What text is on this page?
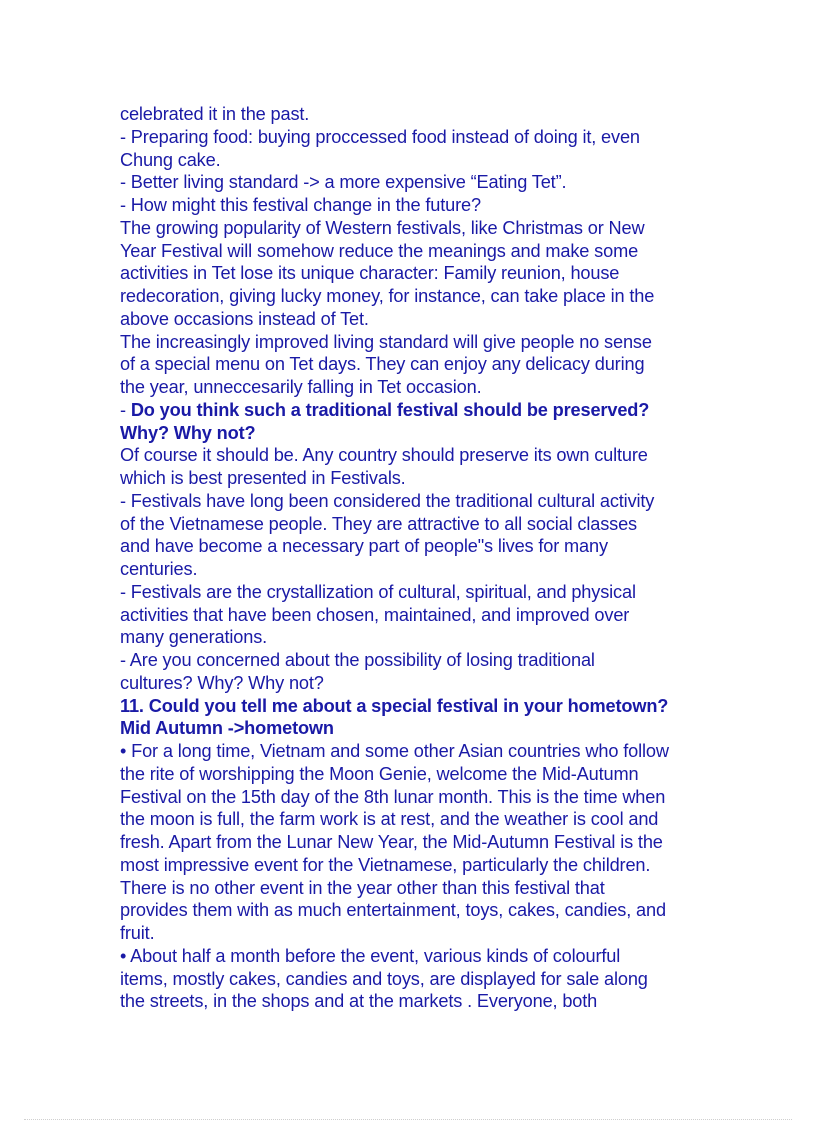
celebrated it in the past.
- Preparing food: buying proccessed food instead of doing it, even
Chung cake.
- Better living standard -> a more expensive “Eating Tet”.
- How might this festival change in the future?
The growing popularity of Western festivals, like Christmas or New
Year Festival will somehow reduce the meanings and make some
activities in Tet lose its unique character: Family reunion, house
redecoration, giving lucky money, for instance, can take place in the
above occasions instead of Tet.
The increasingly improved living standard will give people no sense
of a special menu on Tet days. They can enjoy any delicacy during
the year, unneccesarily falling in Tet occasion.
- Do you think such a traditional festival should be preserved?
Why? Why not?
Of course it should be. Any country should preserve its own culture
which is best presented in Festivals.
- Festivals have long been considered the traditional cultural activity
of the Vietnamese people. They are attractive to all social classes
and have become a necessary part of people"s lives for many
centuries.
- Festivals are the crystallization of cultural, spiritual, and physical
activities that have been chosen, maintained, and improved over
many generations.
- Are you concerned about the possibility of losing traditional
cultures? Why? Why not?
11. Could you tell me about a special festival in your hometown?
Mid Autumn ->hometown
• For a long time, Vietnam and some other Asian countries who follow
the rite of worshipping the Moon Genie, welcome the Mid-Autumn
Festival on the 15th day of the 8th lunar month. This is the time when
the moon is full, the farm work is at rest, and the weather is cool and
fresh. Apart from the Lunar New Year, the Mid-Autumn Festival is the
most impressive event for the Vietnamese, particularly the children.
There is no other event in the year other than this festival that
provides them with as much entertainment, toys, cakes, candies, and
fruit.
• About half a month before the event, various kinds of colourful
items, mostly cakes, candies and toys, are displayed for sale along
the streets, in the shops and at the markets . Everyone, both
